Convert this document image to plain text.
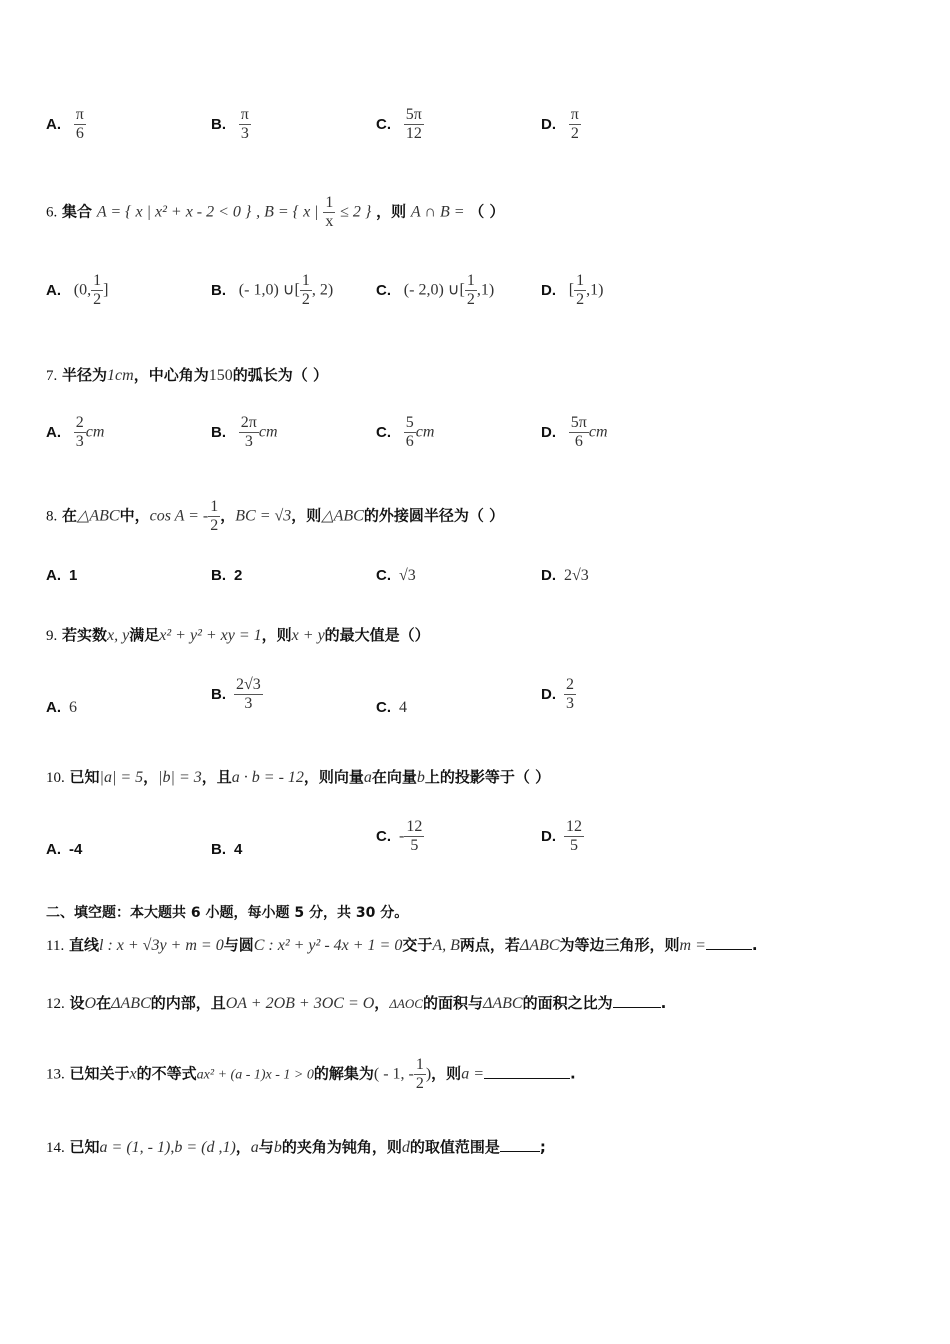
A. $\frac{\pi}{6}$	B. $\frac{\pi}{3}$	C. $\frac{5\pi}{12}$	D. $\frac{\pi}{2}$
6. 集合 A = { x | x² + x - 2 < 0 } , B = { x | $\frac{1}{x} \le 2$ } ，则 A ∩ B = （ ）
A. (0, $\frac{1}{2}$ ]	B. (- 1,0) ∪[ $\frac{1}{2}$ , 2)	C. (- 2,0) ∪[ $\frac{1}{2} ,1$)	D. [ $\frac{1}{2} ,1$)
7. 半径为1cm，中心角为150的弧长为（ ）
A. $\frac{2}{3}$ cm	B. $\frac{2\pi}{3}$ cm	C. $\frac{5}{6}$ cm	D. $\frac{5\pi}{6}$ cm
8. 在△ABC中，cos A = - $\frac{1}{2}$ ，BC = √3，则△ABC的外接圆半径为（ ）
A. 1	B. 2	C. √3	D. 2√3
9. 若实数x, y满足x² + y² + xy = 1，则x + y的最大值是（）
A. 6
B. $\frac{2√3}{3}$	C. 4
D. $\frac{2}{3}$
10. 已知|a| = 5，|b| = 3，且a · b = - 12，则向量a在向量b上的投影等于（ ）
A. -4	B. 4
C. - $\frac{12}{5}$	D. $\frac{12}{5}$
二、填空题：本大题共 6 小题，每小题 5 分，共 30 分。
11. 直线l : x + √3y + m = 0与圆C : x² + y² - 4x + 1 = 0交于A, B两点，若ΔABC为等边三角形，则m =	.
12. 设O在ΔABC的内部，且OA + 2OB + 3OC = O，ΔAOC的面积与ΔABC的面积之比为	.
13. 已知关于x的不等式ax² + (a - 1)x - 1 > 0的解集为( - 1, - $\frac{1}{2}$ )，则a =	.
14. 已知a = (1, - 1),b = (d ,1)，a与b的夹角为钝角，则d的取值范围是	;
